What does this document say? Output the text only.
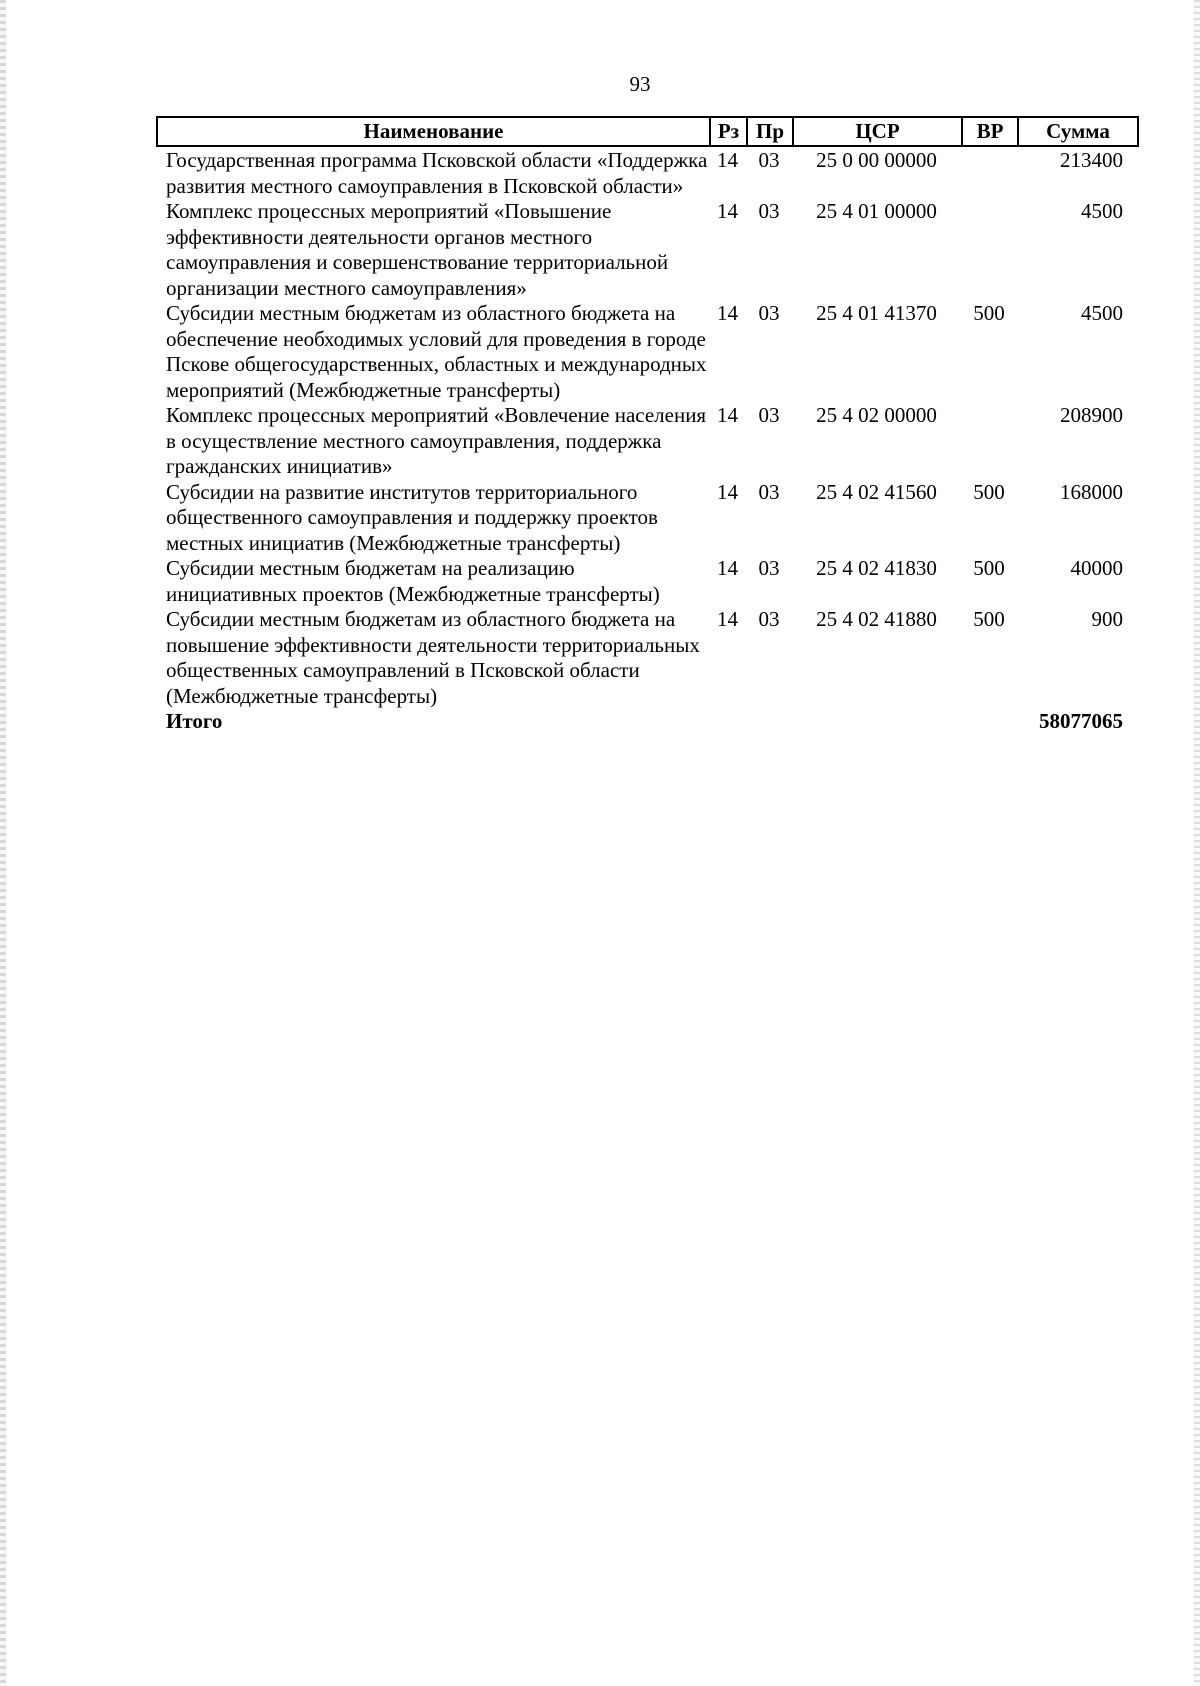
93
Наименование	Рз	Пр	ЦСР	ВР	Сумма
Государственная программа Псковской области «Поддержка развития местного самоуправления в Псковской области»	14	03	25 0 00 00000		213400
Комплекс процессных мероприятий «Повышение эффективности деятельности органов местного самоуправления и совершенствование территориальной организации местного самоуправления»	14	03	25 4 01 00000		4500
Субсидии местным бюджетам из областного бюджета на обеспечение необходимых условий для проведения в городе Пскове общегосударственных, областных и международных мероприятий (Межбюджетные трансферты)	14	03	25 4 01 41370	500	4500
Комплекс процессных мероприятий «Вовлечение населения в осуществление местного самоуправления, поддержка гражданских инициатив»	14	03	25 4 02 00000		208900
Субсидии на развитие институтов территориального общественного самоуправления и поддержку проектов местных инициатив (Межбюджетные трансферты)	14	03	25 4 02 41560	500	168000
Субсидии местным бюджетам на реализацию инициативных проектов (Межбюджетные трансферты)	14	03	25 4 02 41830	500	40000
Субсидии местным бюджетам из областного бюджета на повышение эффективности деятельности территориальных общественных самоуправлений в Псковской области (Межбюджетные трансферты)	14	03	25 4 02 41880	500	900
Итого					58077065
